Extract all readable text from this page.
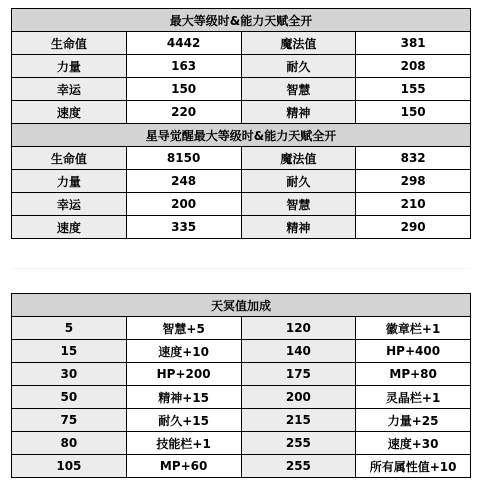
最大等级时&能力天赋全开			
生命值	4442	魔法值	381
力量	163	耐久	208
幸运	150	智慧	155
速度	220	精神	150
星导觉醒最大等级时&能力天赋全开			
生命值	8150	魔法值	832
力量	248	耐久	298
幸运	200	智慧	210
速度	335	精神	290
天冥值加成			
5	智慧+5	120	徽章栏+1
15	速度+10	140	HP+400
30	HP+200	175	MP+80
50	精神+15	200	灵晶栏+1
75	耐久+15	215	力量+25
80	技能栏+1	255	速度+30
105	MP+60	255	所有属性值+10
